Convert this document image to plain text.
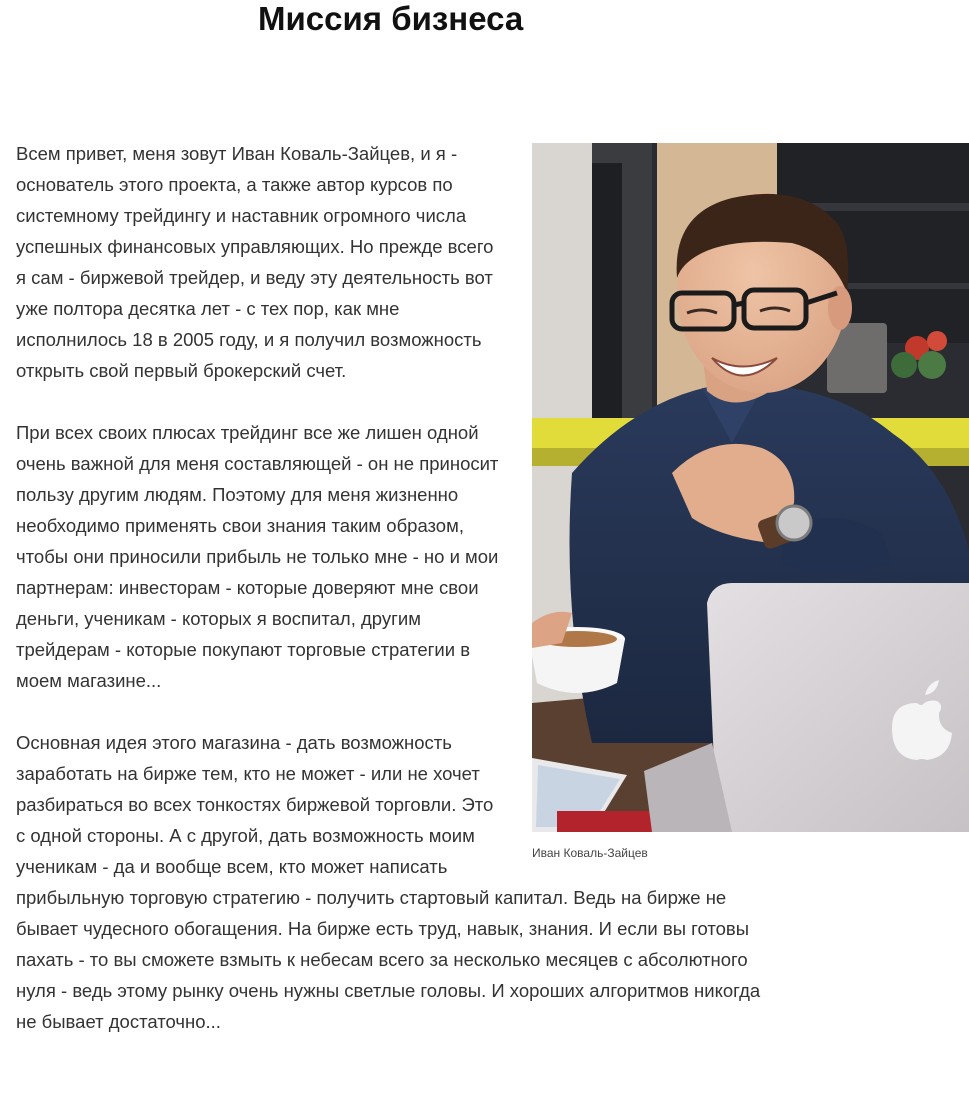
Миссия бизнеса
Иван Коваль-Зайцев

Всем привет, меня зовут Иван Коваль-Зайцев, и я - основатель этого проекта, а также автор курсов по системному трейдингу и наставник огромного числа успешных финансовых управляющих. Но прежде всего я сам - биржевой трейдер, и веду эту деятельность вот уже полтора десятка лет - с тех пор, как мне исполнилось 18 в 2005 году, и я получил возможность открыть свой первый брокерский счет.

При всех своих плюсах трейдинг все же лишен одной очень важной для меня составляющей - он не приносит пользу другим людям. Поэтому для меня жизненно необходимо применять свои знания таким образом, чтобы они приносили прибыль не только мне - но и мои партнерам: инвесторам - которые доверяют мне свои деньги, ученикам - которых я воспитал, другим трейдерам - которые покупают торговые стратегии в моем магазине...

Основная идея этого магазина - дать возможность заработать на бирже тем, кто не может - или не хочет разбираться во всех тонкостях биржевой торговли. Это с одной стороны. А с другой, дать возможность моим ученикам - да и вообще всем, кто может написать прибыльную торговую стратегию - получить стартовый капитал. Ведь на бирже не бывает чудесного обогащения. На бирже есть труд, навык, знания. И если вы готовы пахать - то вы сможете взмыть к небесам всего за несколько месяцев с абсолютного нуля - ведь этому рынку очень нужны светлые головы. И хороших алгоритмов никогда не бывает достаточно...
